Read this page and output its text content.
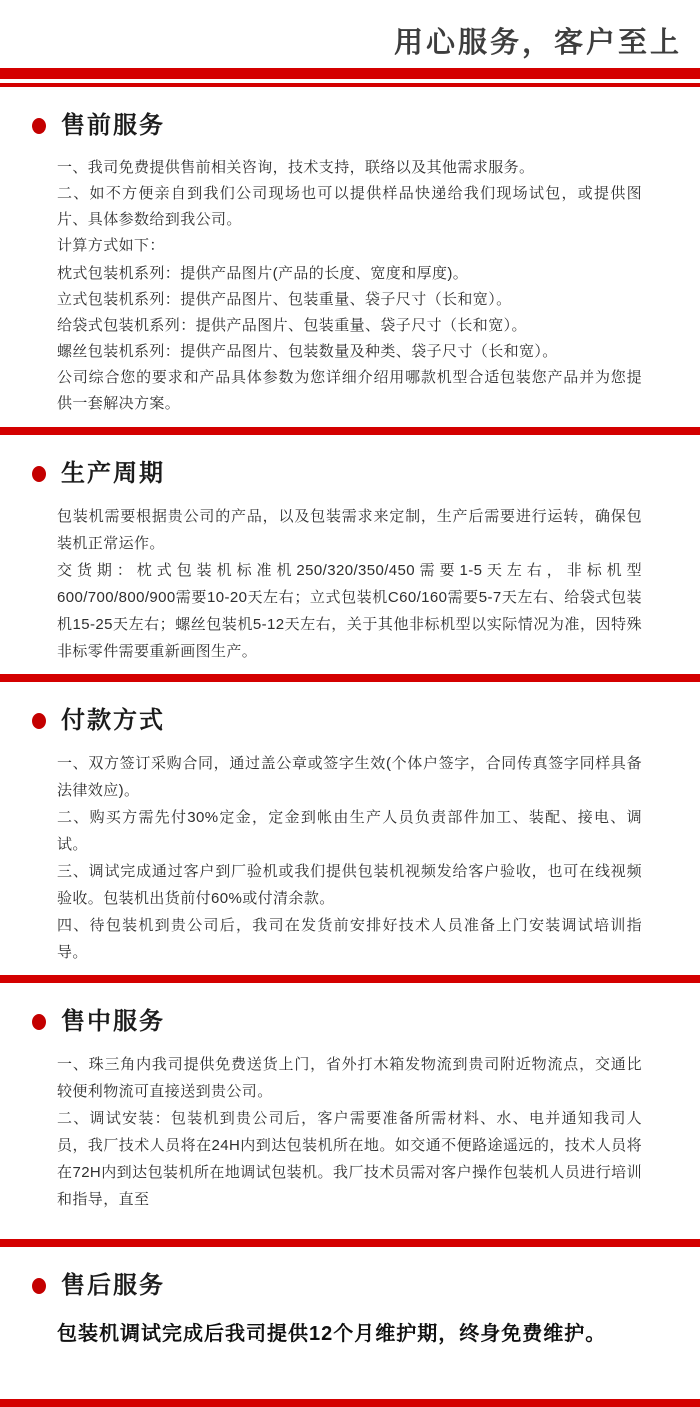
用心服务，客户至上
售前服务

一、我司免费提供售前相关咨询，技术支持，联络以及其他需求服务。

二、如不方便亲自到我们公司现场也可以提供样品快递给我们现场试包，或提供图片、具体参数给到我公司。

计算方式如下：

枕式包装机系列：提供产品图片(产品的长度、宽度和厚度)。

立式包装机系列：提供产品图片、包装重量、袋子尺寸（长和宽）。

给袋式包装机系列：提供产品图片、包装重量、袋子尺寸（长和宽）。

螺丝包装机系列：提供产品图片、包装数量及种类、袋子尺寸（长和宽）。

公司综合您的要求和产品具体参数为您详细介绍用哪款机型合适包装您产品并为您提供一套解决方案。

生产周期

包装机需要根据贵公司的产品，以及包装需求来定制，生产后需要进行运转，确保包装机正常运作。

交货期：枕式包装机标准机250/320/350/450需要1-5天左右，非标机型600/700/800/900需要10-20天左右；立式包装机C60/160需要5-7天左右、给袋式包装机15-25天左右；螺丝包装机5-12天左右，关于其他非标机型以实际情况为准，因特殊非标零件需要重新画图生产。

付款方式

一、双方签订采购合同，通过盖公章或签字生效(个体户签字，合同传真签字同样具备法律效应)。

二、购买方需先付30%定金，定金到帐由生产人员负责部件加工、装配、接电、调试。

三、调试完成通过客户到厂验机或我们提供包装机视频发给客户验收，也可在线视频验收。包装机出货前付60%或付清余款。

四、待包装机到贵公司后，我司在发货前安排好技术人员准备上门安装调试培训指导。

售中服务

一、珠三角内我司提供免费送货上门，省外打木箱发物流到贵司附近物流点，交通比较便利物流可直接送到贵公司。

二、调试安装：包装机到贵公司后，客户需要准备所需材料、水、电并通知我司人员，我厂技术人员将在24H内到达包装机所在地。如交通不便路途遥远的，技术人员将在72H内到达包装机所在地调试包装机。我厂技术员需对客户操作包装机人员进行培训和指导，直至

售后服务

包装机调试完成后我司提供12个月维护期，终身免费维护。
